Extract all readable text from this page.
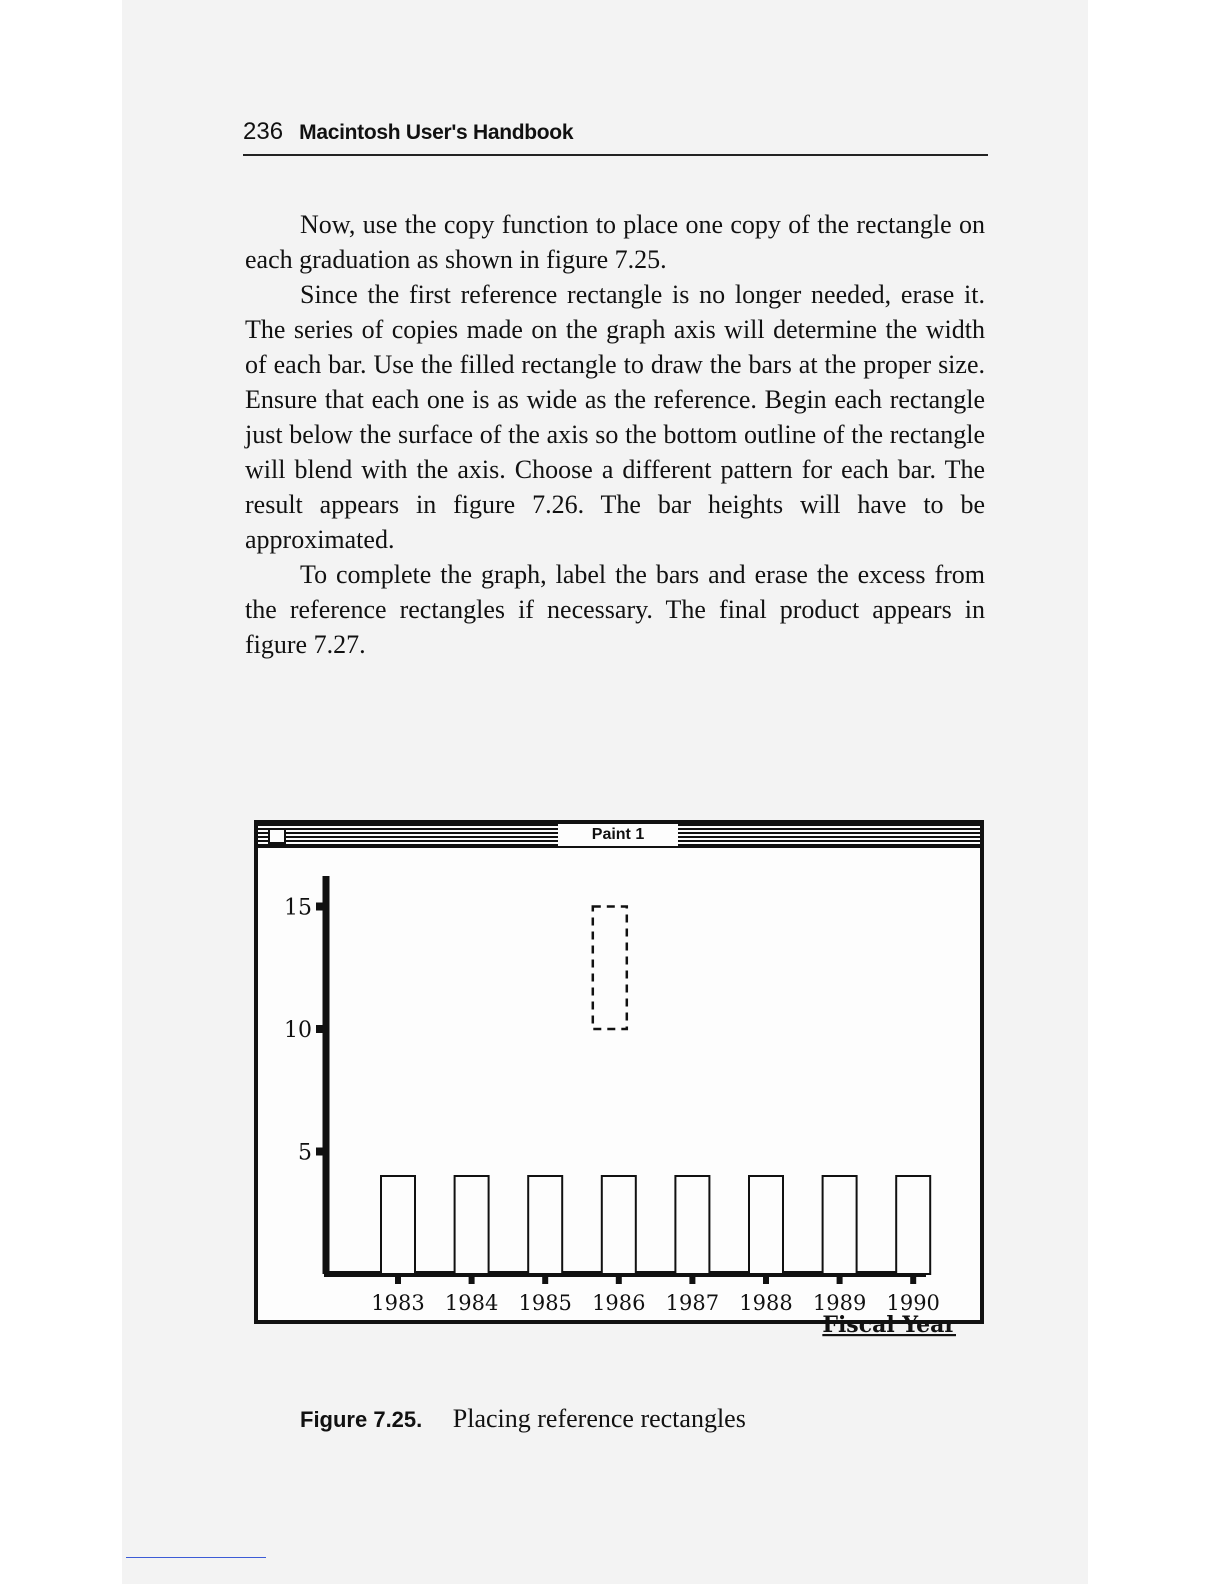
236 Macintosh User's Handbook

Now, use the copy function to place one copy of the rectangle on each graduation as shown in figure 7.25.

Since the first reference rectangle is no longer needed, erase it. The series of copies made on the graph axis will determine the width of each bar. Use the filled rectangle to draw the bars at the proper size. Ensure that each one is as wide as the reference. Begin each rectangle just below the surface of the axis so the bottom outline of the rectangle will blend with the axis. Choose a different pattern for each bar. The result appears in figure 7.26. The bar heights will have to be approximated.

To complete the graph, label the bars and erase the excess from the reference rectangles if necessary. The final product appears in figure 7.27.

Paint 1
Fiscal Year
5
10
15
1983 1984 1985 1986 1987 1988 1989 1990
Figure 7.25. Placing reference rectangles
